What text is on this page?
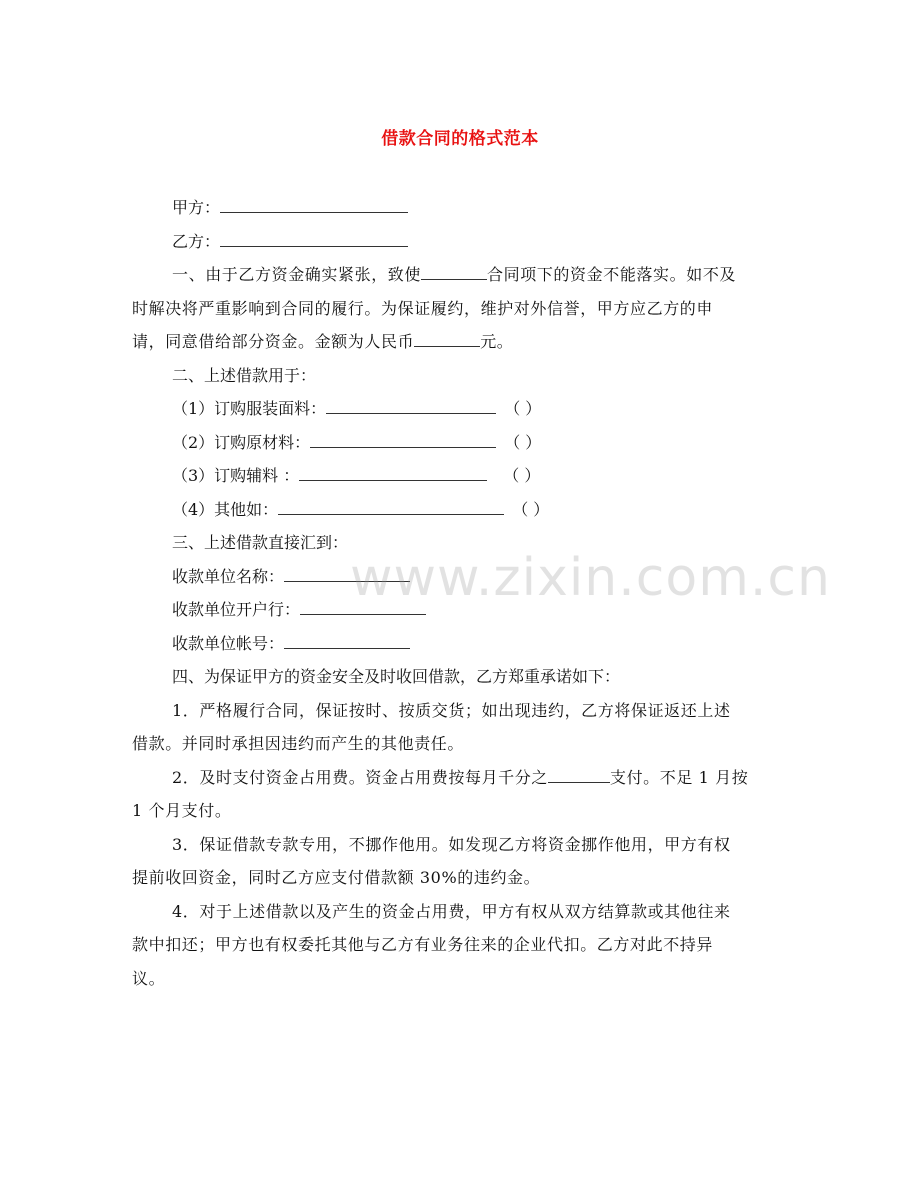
借款合同的格式范本
甲方：
乙方：
一、由于乙方资金确实紧张，致使	合同项下的资金不能落实。如不及
时解决将严重影响到合同的履行。为保证履约，维护对外信誉，甲方应乙方的申
请，同意借给部分资金。金额为人民币	元。
二、上述借款用于：
（1）订购服装面料：	（ ）
（2）订购原材料：	（ ）
（3）订购辅料 ：	（ ）
（4）其他如：	（ ）
三、上述借款直接汇到：
收款单位名称：
收款单位开户行：
收款单位帐号：
四、为保证甲方的资金安全及时收回借款，乙方郑重承诺如下：
1．严格履行合同，保证按时、按质交货；如出现违约，乙方将保证返还上述
借款。并同时承担因违约而产生的其他责任。
2．及时支付资金占用费。资金占用费按每月千分之	支付。不足 1 月按
1 个月支付。
3．保证借款专款专用，不挪作他用。如发现乙方将资金挪作他用，甲方有权
提前收回资金，同时乙方应支付借款额 30%的违约金。
4．对于上述借款以及产生的资金占用费，甲方有权从双方结算款或其他往来
款中扣还；甲方也有权委托其他与乙方有业务往来的企业代扣。乙方对此不持异
议。
www.zixin.com.cn
